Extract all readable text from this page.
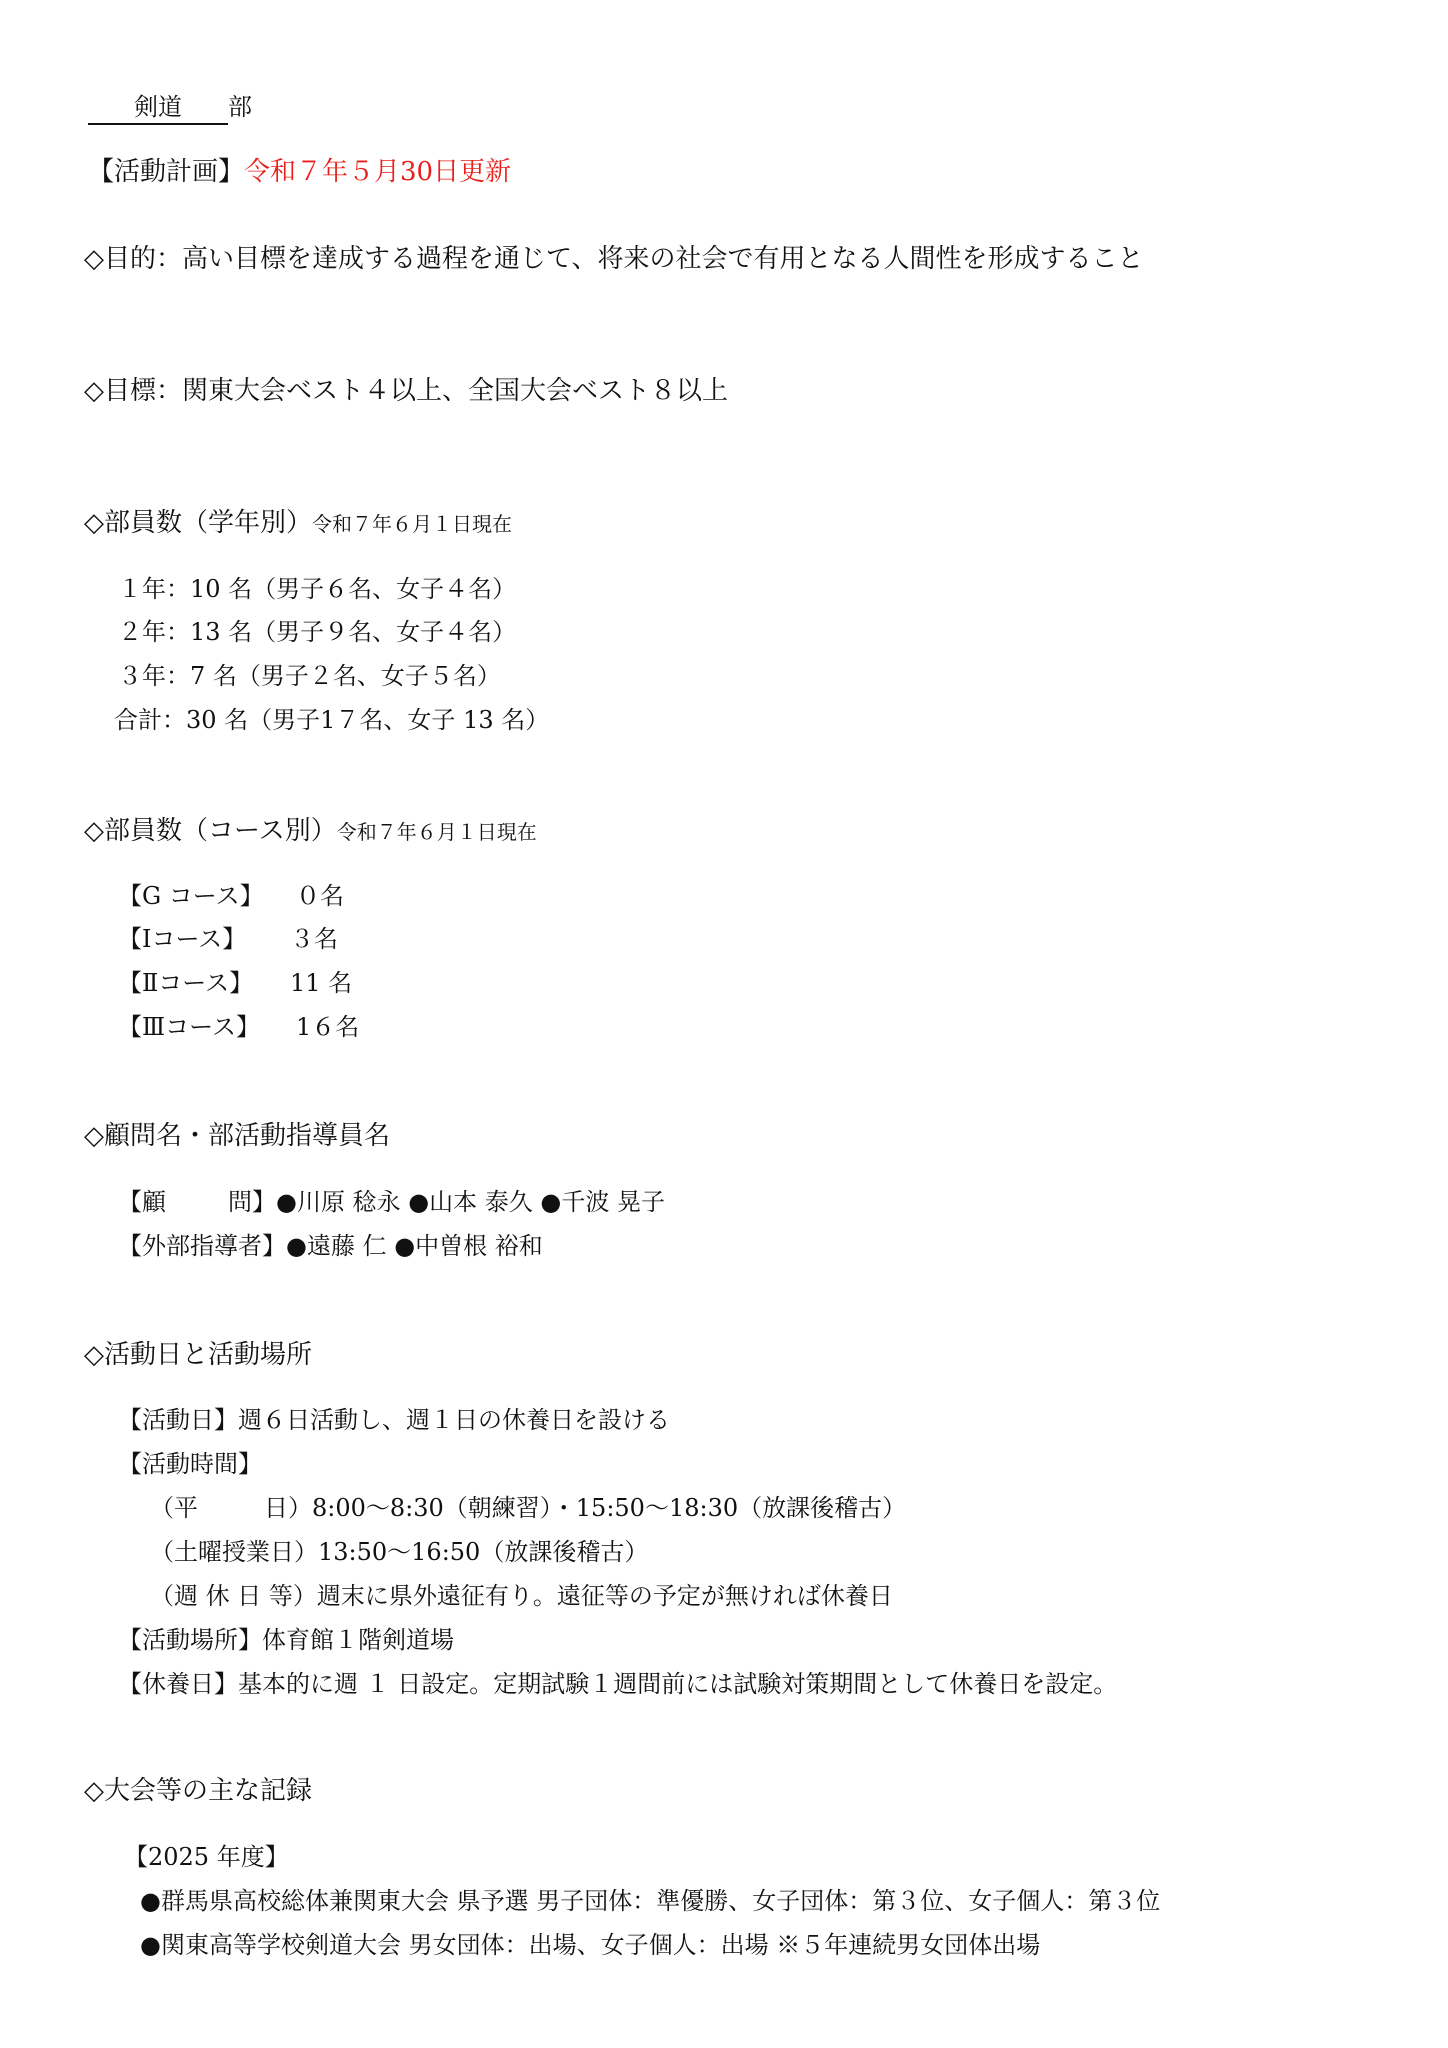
剣道 部
【活動計画】令和７年５月30日更新
◇目的：高い目標を達成する過程を通じて、将来の社会で有用となる人間性を形成すること
◇目標：関東大会ベスト４以上、全国大会ベスト８以上
◇部員数（学年別）令和７年６月１日現在
１年：10 名（男子６名、女子４名）
２年：13 名（男子９名、女子４名）
３年：7 名（男子２名、女子５名）
合計：30 名（男子1７名、女子 13 名）
◇部員数（コース別）令和７年６月１日現在
【G コース】 ０名
【Ⅰコース】 ３名
【Ⅱコース】 11 名
【Ⅲコース】 1６名
◇顧問名・部活動指導員名
【顧	問】●川原 稔永 ●山本 泰久 ●千波 晃子
【外部指導者】●遠藤 仁 ●中曽根 裕和
◇活動日と活動場所
【活動日】週６日活動し、週１日の休養日を設ける
【活動時間】
（平	日）8:00～8:30（朝練習）・15:50～18:30（放課後稽古）
（土曜授業日）13:50～16:50（放課後稽古）
（週 休 日 等）週末に県外遠征有り。遠征等の予定が無ければ休養日
【活動場所】体育館１階剣道場
【休養日】基本的に週 １ 日設定。定期試験１週間前には試験対策期間として休養日を設定。
◇大会等の主な記録
【2025 年度】
●群馬県高校総体兼関東大会 県予選 男子団体：準優勝、女子団体：第３位、女子個人：第３位
●関東高等学校剣道大会 男女団体：出場、女子個人：出場 ※５年連続男女団体出場
